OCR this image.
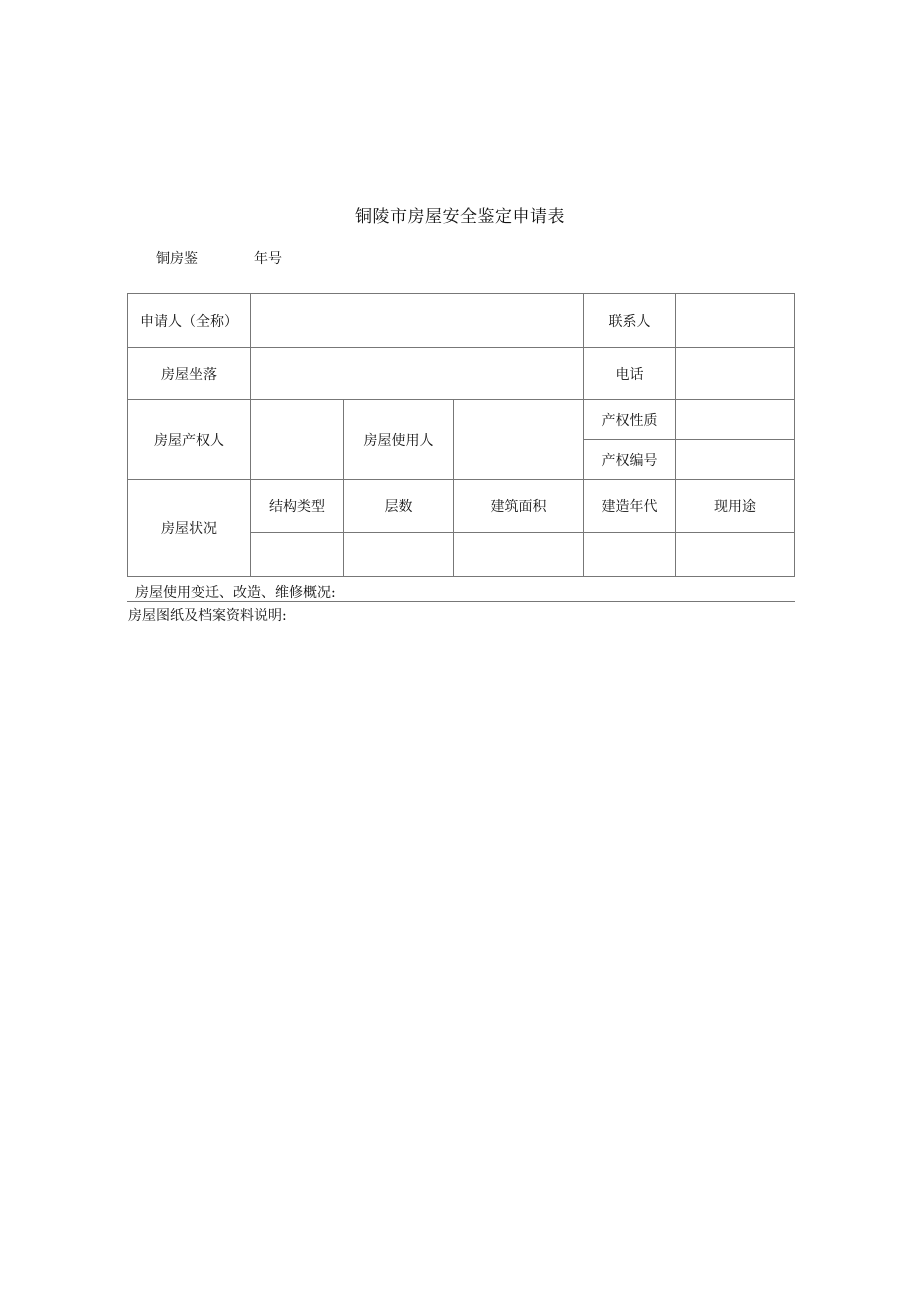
铜陵市房屋安全鉴定申请表
铜房鉴	年号
申请人（全称）				联系人	
房屋坐落				电话	
房屋产权人		房屋使用人		产权性质	
				产权编号	
房屋状况	结构类型	层数	建筑面积	建造年代	现用途

房屋使用变迁、改造、维修概况:
房屋图纸及档案资料说明:
